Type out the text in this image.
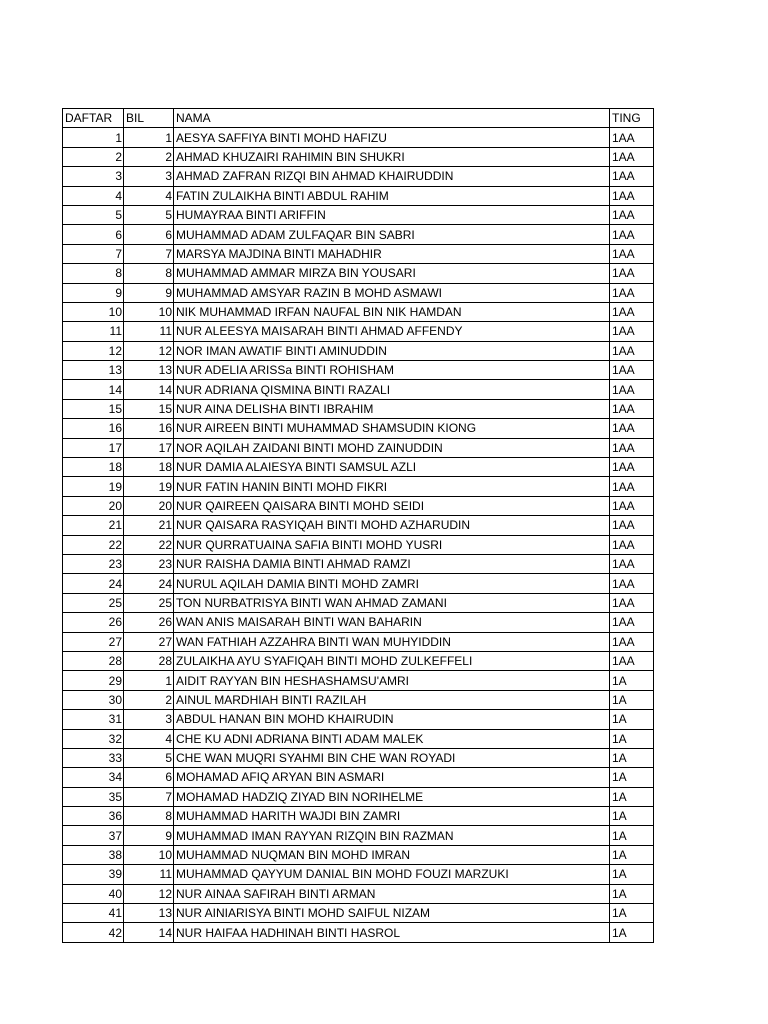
DAFTAR	BIL	NAMA	TING
1	1	AESYA SAFFIYA BINTI MOHD HAFIZU	1AA
2	2	AHMAD KHUZAIRI RAHIMIN BIN SHUKRI	1AA
3	3	AHMAD ZAFRAN RIZQI BIN AHMAD KHAIRUDDIN	1AA
4	4	FATIN ZULAIKHA BINTI ABDUL RAHIM	1AA
5	5	HUMAYRAA BINTI ARIFFIN	1AA
6	6	MUHAMMAD ADAM ZULFAQAR BIN SABRI	1AA
7	7	MARSYA MAJDINA BINTI MAHADHIR	1AA
8	8	MUHAMMAD AMMAR MIRZA BIN YOUSARI	1AA
9	9	MUHAMMAD AMSYAR RAZIN B MOHD ASMAWI	1AA
10	10	NIK MUHAMMAD IRFAN NAUFAL BIN NIK HAMDAN	1AA
11	11	NUR ALEESYA MAISARAH BINTI AHMAD AFFENDY	1AA
12	12	NOR IMAN AWATIF BINTI AMINUDDIN	1AA
13	13	NUR ADELIA ARISSa BINTI ROHISHAM	1AA
14	14	NUR ADRIANA QISMINA BINTI RAZALI	1AA
15	15	NUR AINA DELISHA BINTI IBRAHIM	1AA
16	16	NUR AIREEN BINTI MUHAMMAD SHAMSUDIN KIONG	1AA
17	17	NOR AQILAH ZAIDANI BINTI MOHD ZAINUDDIN	1AA
18	18	NUR DAMIA ALAIESYA BINTI SAMSUL AZLI	1AA
19	19	NUR FATIN HANIN BINTI MOHD FIKRI	1AA
20	20	NUR QAIREEN QAISARA BINTI MOHD SEIDI	1AA
21	21	NUR QAISARA RASYIQAH BINTI MOHD AZHARUDIN	1AA
22	22	NUR QURRATUAINA SAFIA BINTI MOHD YUSRI	1AA
23	23	NUR RAISHA DAMIA BINTI AHMAD RAMZI	1AA
24	24	NURUL AQILAH DAMIA BINTI MOHD ZAMRI	1AA
25	25	TON NURBATRISYA BINTI WAN AHMAD ZAMANI	1AA
26	26	WAN ANIS MAISARAH BINTI WAN BAHARIN	1AA
27	27	WAN FATHIAH AZZAHRA BINTI WAN MUHYIDDIN	1AA
28	28	ZULAIKHA AYU SYAFIQAH BINTI MOHD ZULKEFFELI	1AA
29	1	AIDIT RAYYAN BIN HESHASHAMSU'AMRI	1A
30	2	AINUL MARDHIAH BINTI RAZILAH	1A
31	3	ABDUL HANAN BIN MOHD KHAIRUDIN	1A
32	4	CHE KU ADNI ADRIANA BINTI ADAM MALEK	1A
33	5	CHE WAN MUQRI SYAHMI BIN CHE WAN ROYADI	1A
34	6	MOHAMAD AFIQ ARYAN BIN ASMARI	1A
35	7	MOHAMAD HADZIQ ZIYAD BIN NORIHELME	1A
36	8	MUHAMMAD HARITH WAJDI BIN ZAMRI	1A
37	9	MUHAMMAD IMAN RAYYAN RIZQIN BIN RAZMAN	1A
38	10	MUHAMMAD NUQMAN BIN MOHD IMRAN	1A
39	11	MUHAMMAD QAYYUM DANIAL BIN MOHD FOUZI MARZUKI	1A
40	12	NUR AINAA SAFIRAH BINTI ARMAN	1A
41	13	NUR AINIARISYA BINTI MOHD SAIFUL NIZAM	1A
42	14	NUR HAIFAA HADHINAH BINTI HASROL	1A
